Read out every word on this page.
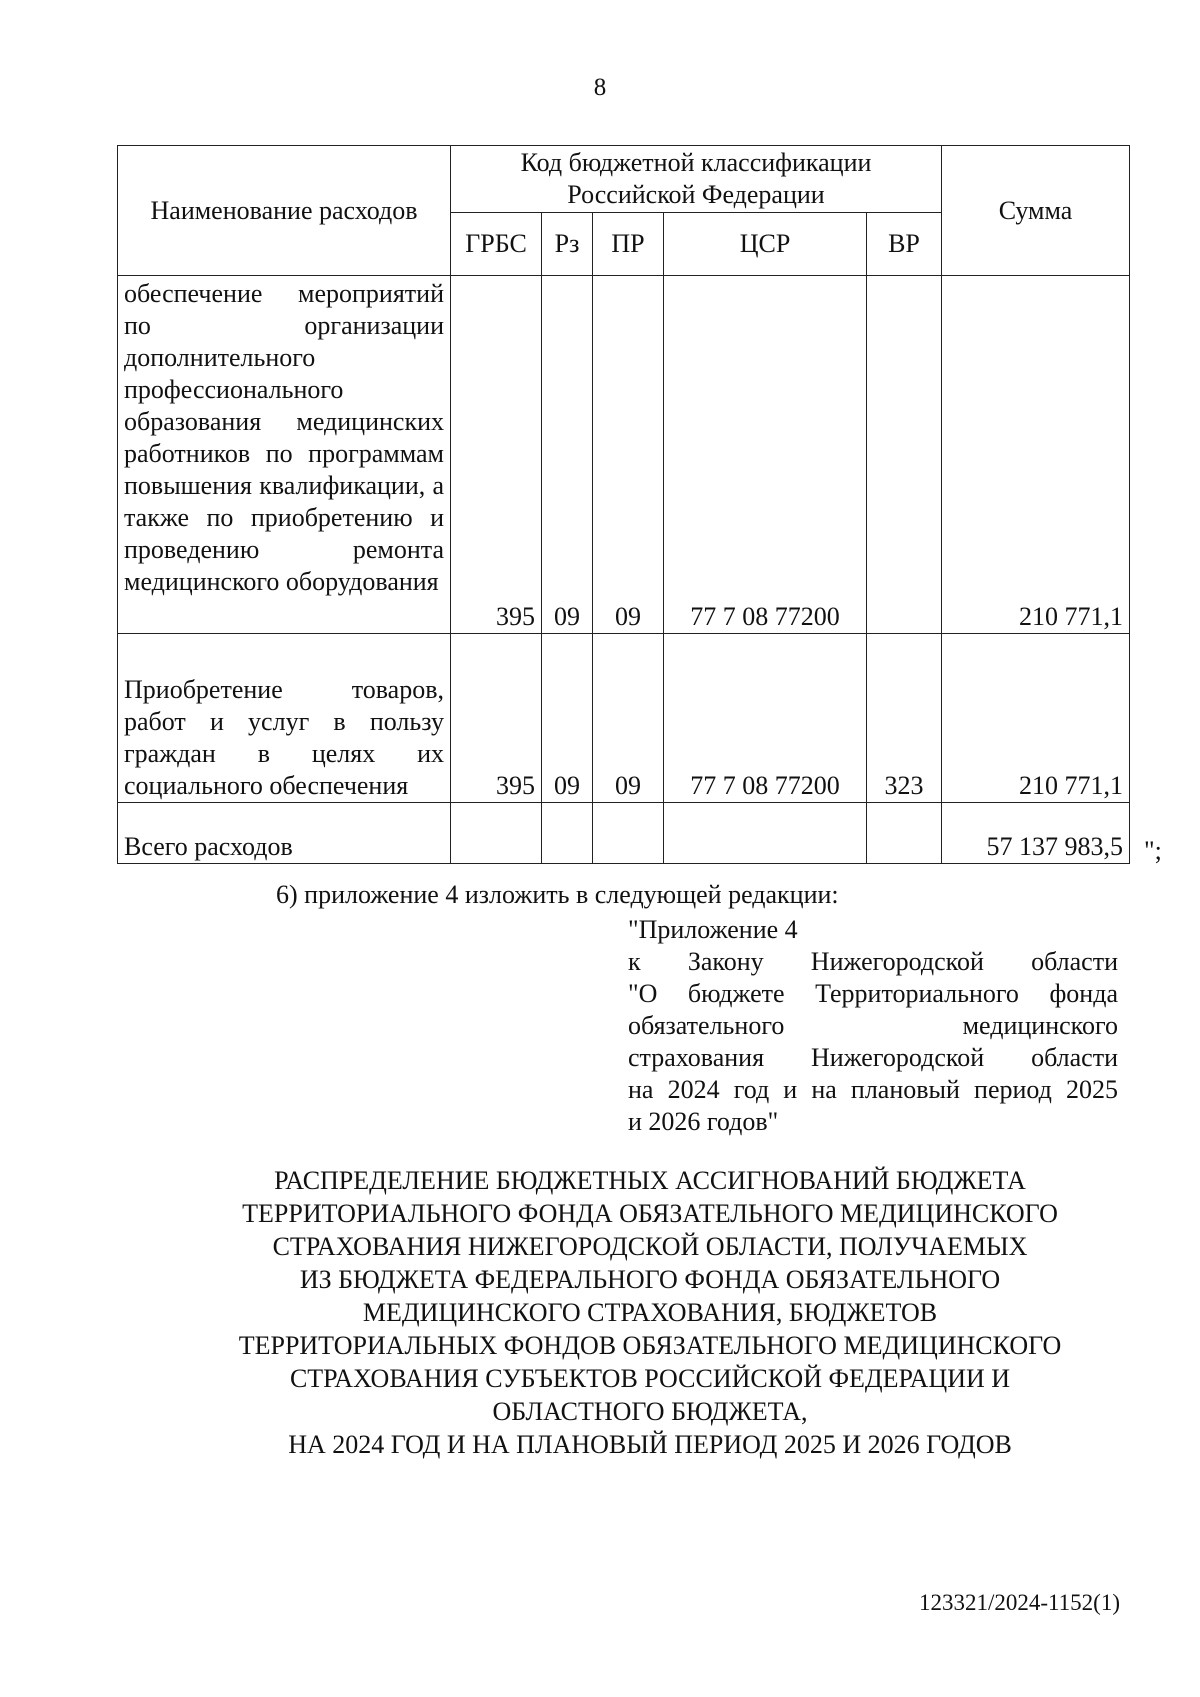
8
Наименование расходов	Код бюджетной классификации Российской Федерации					Сумма
	ГРБС	Рз	ПР	ЦСР	ВР	
обеспечение мероприятий по организации дополнительного профессионального образования медицинских работников по программам повышения квалификации, а также по приобретению и проведению ремонта медицинского оборудования	395	09	09	77 7 08 77200		210 771,1
Приобретение товаров, работ и услуг в пользу граждан в целях их социального обеспечения	395	09	09	77 7 08 77200	323	210 771,1
Всего расходов						57 137 983,5 ";
6) приложение 4 изложить в следующей редакции:
"Приложение 4
к Закону Нижегородской области
"О бюджете Территориального фонда
обязательного медицинского
страхования Нижегородской области
на 2024 год и на плановый период 2025
и 2026 годов"
РАСПРЕДЕЛЕНИЕ БЮДЖЕТНЫХ АССИГНОВАНИЙ БЮДЖЕТА
ТЕРРИТОРИАЛЬНОГО ФОНДА ОБЯЗАТЕЛЬНОГО МЕДИЦИНСКОГО
СТРАХОВАНИЯ НИЖЕГОРОДСКОЙ ОБЛАСТИ, ПОЛУЧАЕМЫХ
ИЗ БЮДЖЕТА ФЕДЕРАЛЬНОГО ФОНДА ОБЯЗАТЕЛЬНОГО
МЕДИЦИНСКОГО СТРАХОВАНИЯ, БЮДЖЕТОВ
ТЕРРИТОРИАЛЬНЫХ ФОНДОВ ОБЯЗАТЕЛЬНОГО МЕДИЦИНСКОГО
СТРАХОВАНИЯ СУБЪЕКТОВ РОССИЙСКОЙ ФЕДЕРАЦИИ И
ОБЛАСТНОГО БЮДЖЕТА,
НА 2024 ГОД И НА ПЛАНОВЫЙ ПЕРИОД 2025 И 2026 ГОДОВ
123321/2024-1152(1)
